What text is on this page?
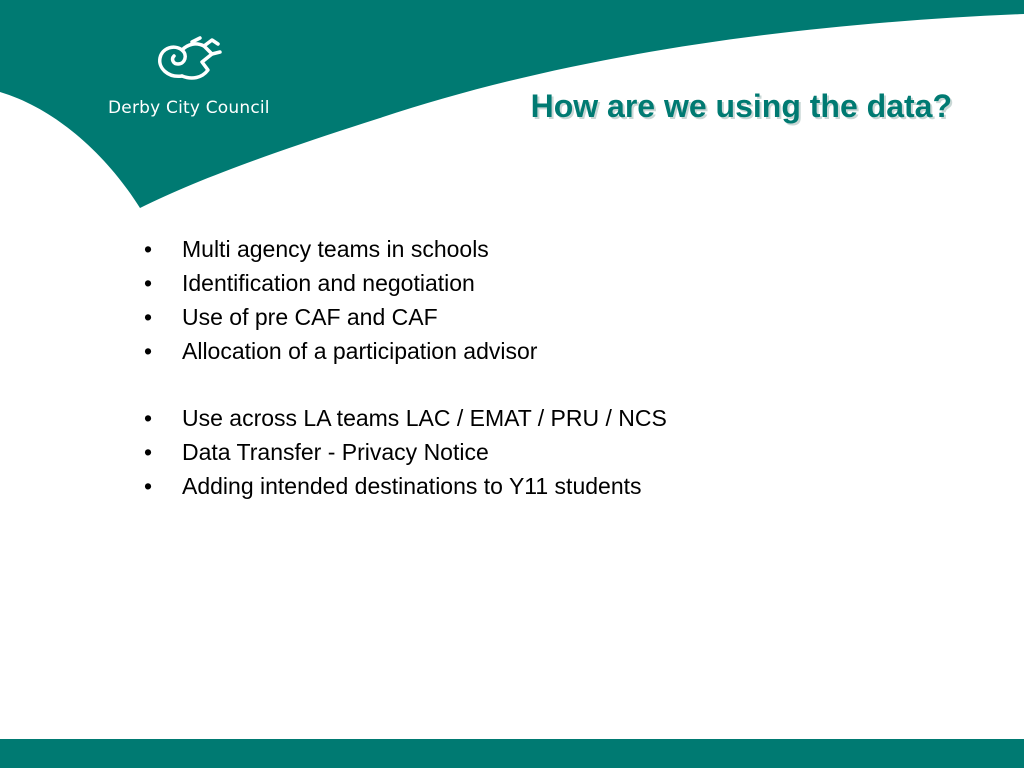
Derby City Council	How are we using the data?
• Multi agency teams in schools
• Identification and negotiation
• Use of pre CAF and CAF
• Allocation of a participation advisor
• Use across LA teams LAC / EMAT / PRU / NCS
• Data Transfer - Privacy Notice
• Adding intended destinations to Y11 students
